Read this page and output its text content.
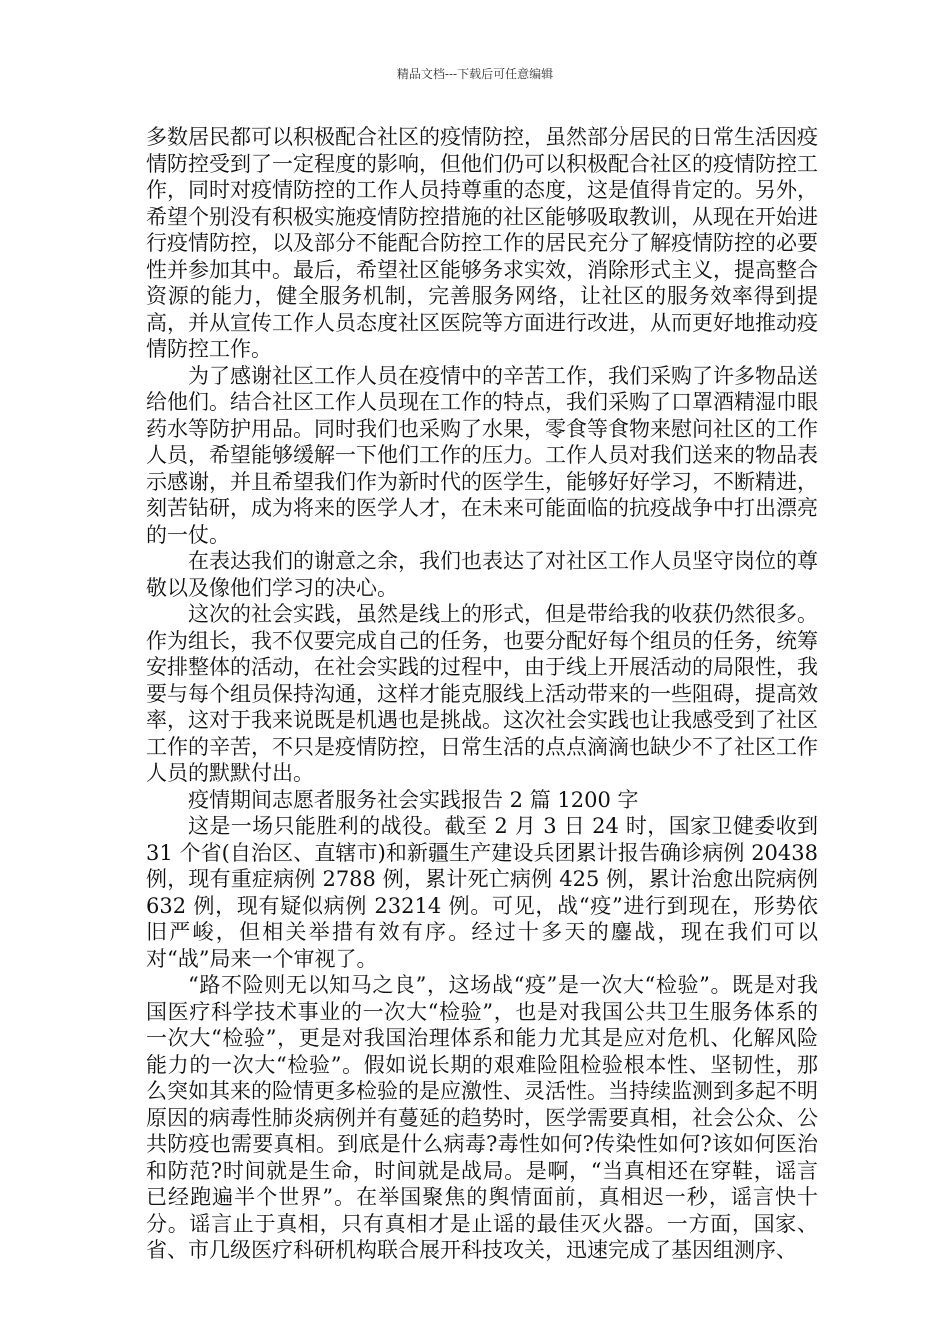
精品文档---下载后可任意编辑

多数居民都可以积极配合社区的疫情防控，虽然部分居民的日常生活因疫情防控受到了一定程度的影响，但他们仍可以积极配合社区的疫情防控工作，同时对疫情防控的工作人员持尊重的态度，这是值得肯定的。另外，希望个别没有积极实施疫情防控措施的社区能够吸取教训，从现在开始进行疫情防控，以及部分不能配合防控工作的居民充分了解疫情防控的必要性并参加其中。最后，希望社区能够务求实效，消除形式主义，提高整合资源的能力，健全服务机制，完善服务网络，让社区的服务效率得到提高，并从宣传工作人员态度社区医院等方面进行改进，从而更好地推动疫情防控工作。

为了感谢社区工作人员在疫情中的辛苦工作，我们采购了许多物品送给他们。结合社区工作人员现在工作的特点，我们采购了口罩酒精湿巾眼药水等防护用品。同时我们也采购了水果，零食等食物来慰问社区的工作人员，希望能够缓解一下他们工作的压力。工作人员对我们送来的物品表示感谢，并且希望我们作为新时代的医学生，能够好好学习，不断精进，刻苦钻研，成为将来的医学人才，在未来可能面临的抗疫战争中打出漂亮的一仗。

在表达我们的谢意之余，我们也表达了对社区工作人员坚守岗位的尊敬以及像他们学习的决心。

这次的社会实践，虽然是线上的形式，但是带给我的收获仍然很多。作为组长，我不仅要完成自己的任务，也要分配好每个组员的任务，统筹安排整体的活动，在社会实践的过程中，由于线上开展活动的局限性，我要与每个组员保持沟通，这样才能克服线上活动带来的一些阻碍，提高效率，这对于我来说既是机遇也是挑战。这次社会实践也让我感受到了社区工作的辛苦，不只是疫情防控，日常生活的点点滴滴也缺少不了社区工作人员的默默付出。

疫情期间志愿者服务社会实践报告 2 篇 1200 字

这是一场只能胜利的战役。截至 2 月 3 日 24 时，国家卫健委收到 31 个省(自治区、直辖市)和新疆生产建设兵团累计报告确诊病例 20438 例，现有重症病例 2788 例，累计死亡病例 425 例，累计治愈出院病例 632 例，现有疑似病例 23214 例。可见，战“疫”进行到现在，形势依旧严峻，但相关举措有效有序。经过十多天的鏖战，现在我们可以对“战”局来一个审视了。

“路不险则无以知马之良”，这场战“疫”是一次大“检验”。既是对我国医疗科学技术事业的一次大“检验”，也是对我国公共卫生服务体系的一次大“检验”，更是对我国治理体系和能力尤其是应对危机、化解风险能力的一次大“检验”。假如说长期的艰难险阻检验根本性、坚韧性，那么突如其来的险情更多检验的是应激性、灵活性。当持续监测到多起不明原因的病毒性肺炎病例并有蔓延的趋势时，医学需要真相，社会公众、公共防疫也需要真相。到底是什么病毒?毒性如何?传染性如何?该如何医治和防范?时间就是生命，时间就是战局。是啊，“当真相还在穿鞋，谣言已经跑遍半个世界”。在举国聚焦的舆情面前，真相迟一秒，谣言快十分。谣言止于真相，只有真相才是止谣的最佳灭火器。一方面，国家、省、市几级医疗科研机构联合展开科技攻关，迅速完成了基因组测序、
